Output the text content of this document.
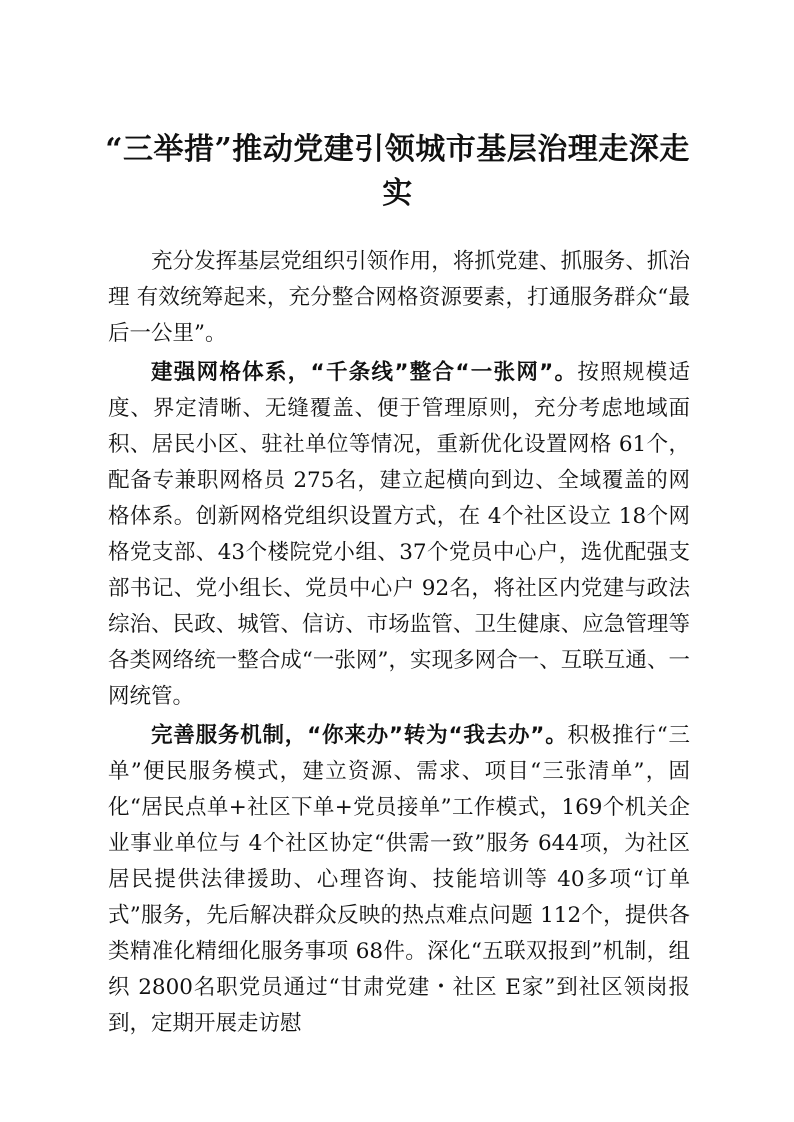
“三举措”推动党建引领城市基层治理走深走实

充分发挥基层党组织引领作用，将抓党建、抓服务、抓治理 有效统筹起来，充分整合网格资源要素，打通服务群众“最后一公里”。

建强网格体系，“千条线”整合“一张网”。按照规模适度、界定清晰、无缝覆盖、便于管理原则，充分考虑地域面积、居民小区、驻社单位等情况，重新优化设置网格 61个，配备专兼职网格员 275名，建立起横向到边、全域覆盖的网格体系。创新网格党组织设置方式，在 4个社区设立 18个网格党支部、43个楼院党小组、37个党员中心户，选优配强支部书记、党小组长、党员中心户 92名，将社区内党建与政法综治、民政、城管、信访、市场监管、卫生健康、应急管理等各类网络统一整合成“一张网”，实现多网合一、互联互通、一网统管。

完善服务机制，“你来办”转为“我去办”。积极推行“三单”便民服务模式，建立资源、需求、项目“三张清单”，固化“居民点单+社区下单+党员接单”工作模式，169个机关企业事业单位与 4个社区协定“供需一致”服务 644项，为社区居民提供法律援助、心理咨询、技能培训等 40多项“订单式”服务，先后解决群众反映的热点难点问题 112个，提供各类精准化精细化服务事项 68件。深化“五联双报到”机制，组织 2800名职党员通过“甘肃党建・社区 E家”到社区领岗报到，定期开展走访慰
